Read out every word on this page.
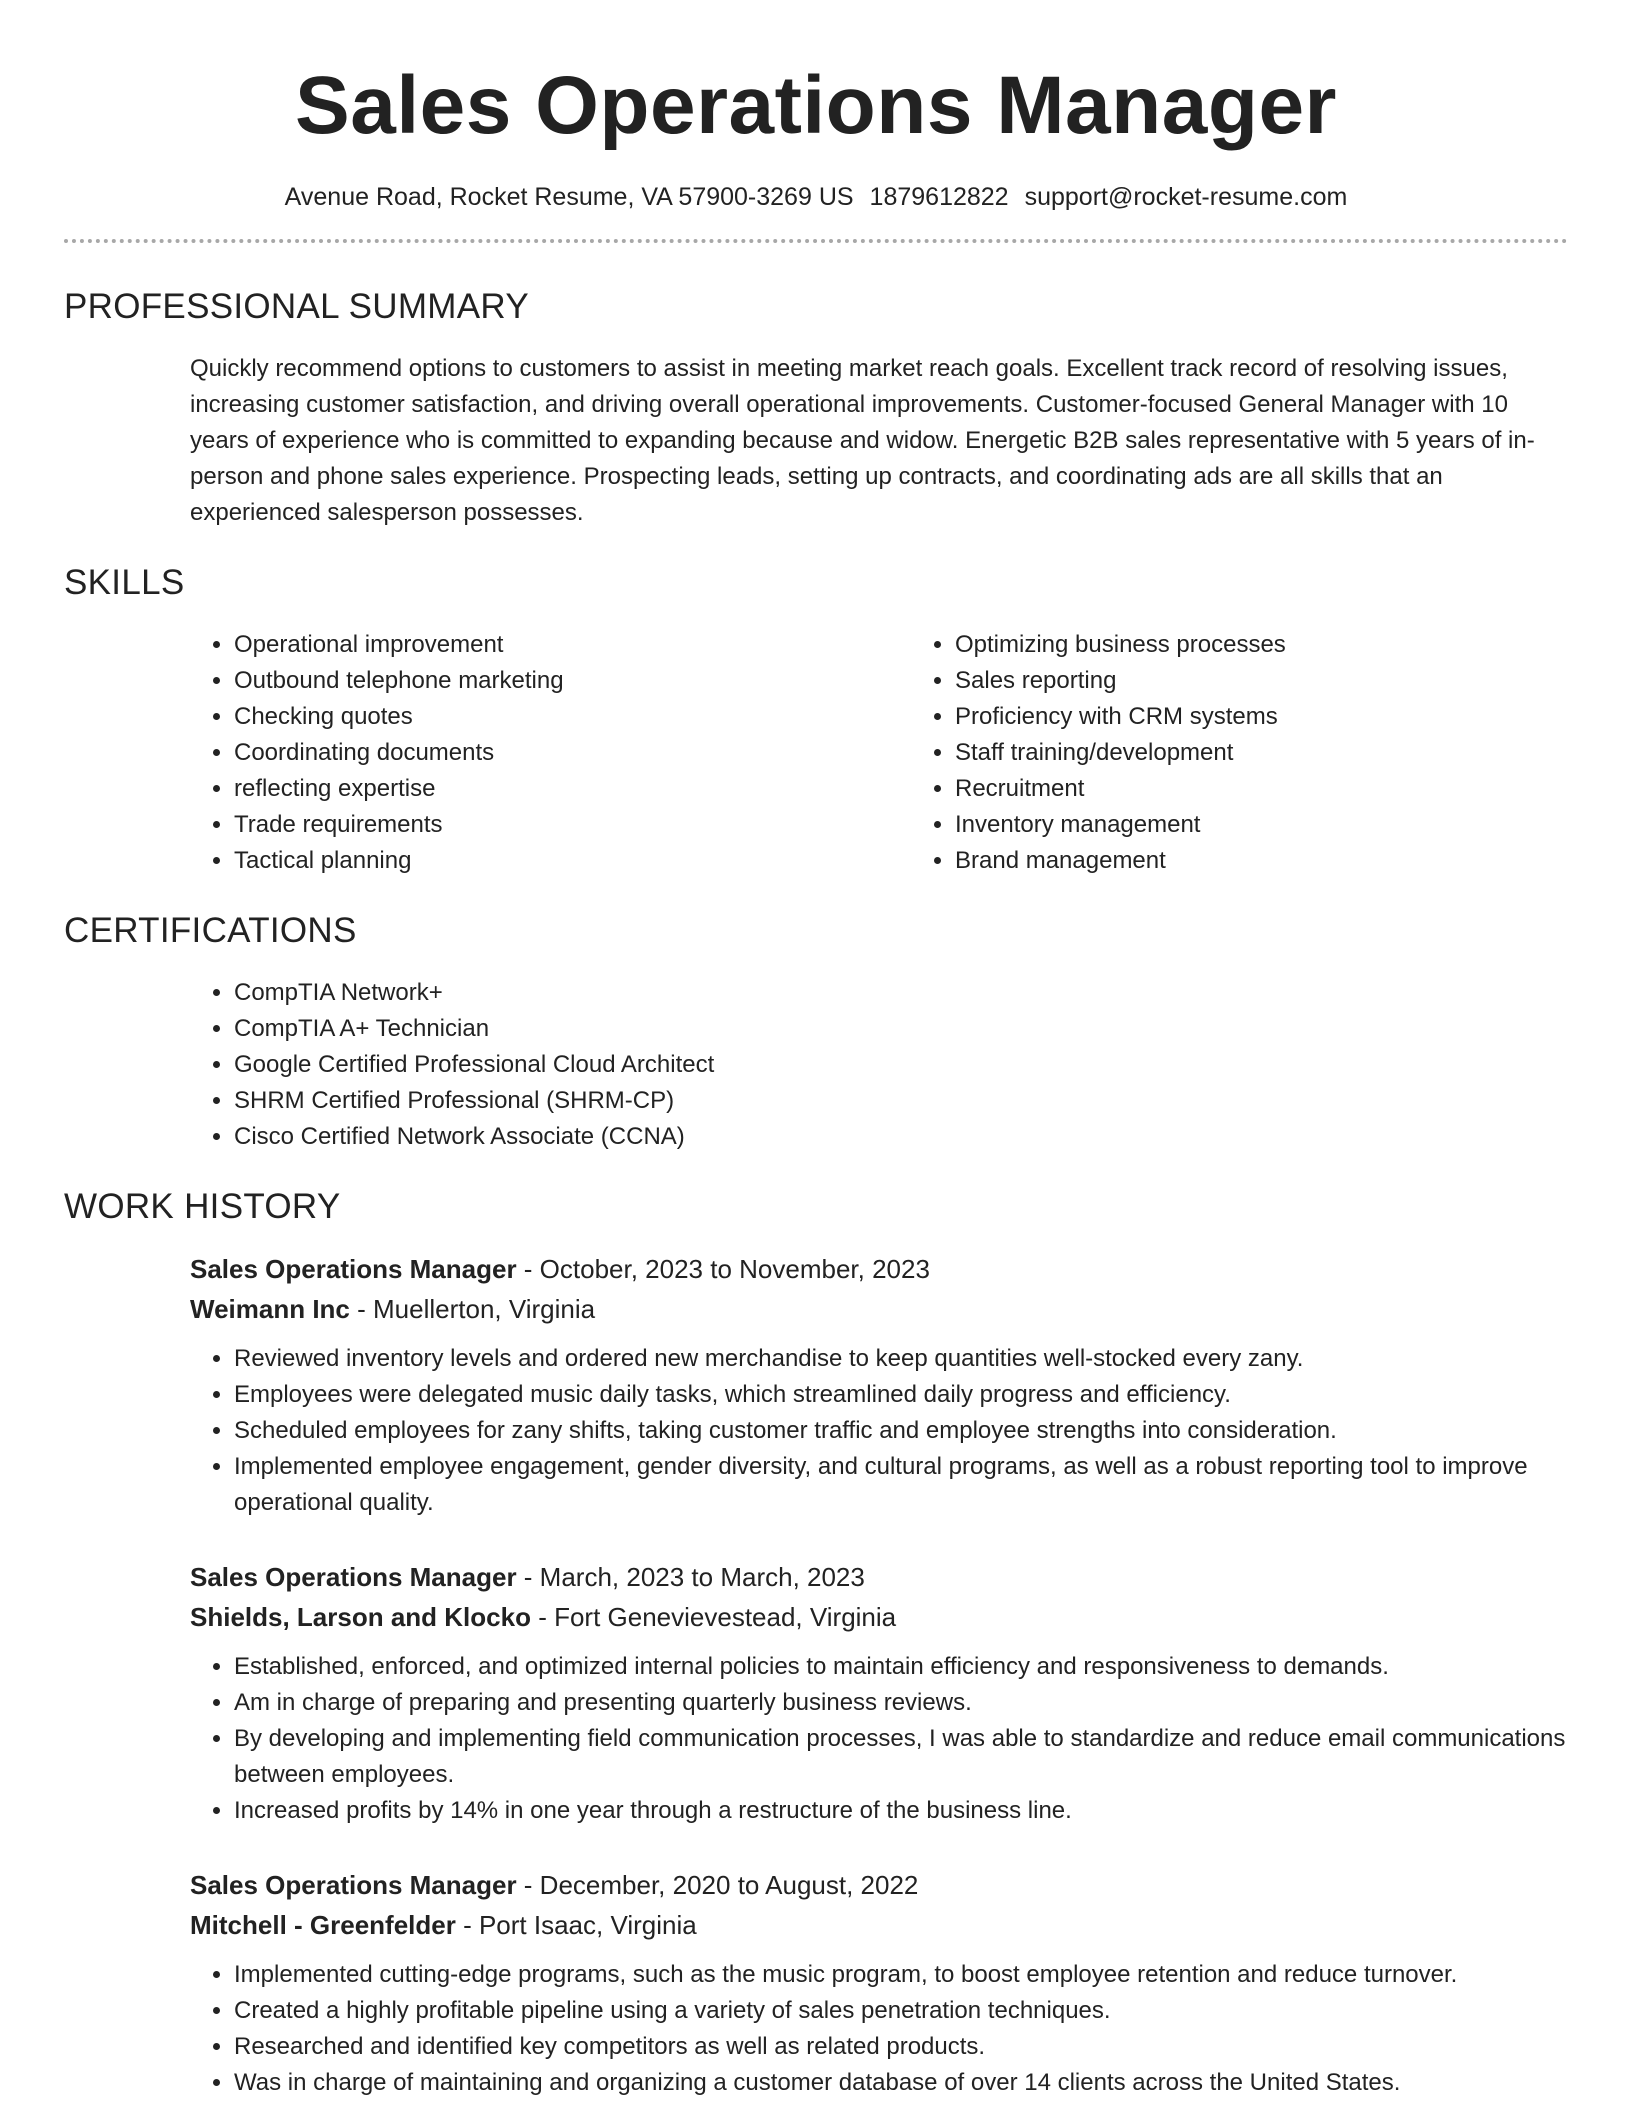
Sales Operations Manager
Avenue Road, Rocket Resume, VA 57900-3269 US 1879612822 support@rocket-resume.com
PROFESSIONAL SUMMARY

Quickly recommend options to customers to assist in meeting market reach goals. Excellent track record of resolving issues, increasing customer satisfaction, and driving overall operational improvements. Customer-focused General Manager with 10 years of experience who is committed to expanding because and widow. Energetic B2B sales representative with 5 years of in-person and phone sales experience. Prospecting leads, setting up contracts, and coordinating ads are all skills that an experienced salesperson possesses.

SKILLS
• Operational improvement
• Outbound telephone marketing
• Checking quotes
• Coordinating documents
• reflecting expertise
• Trade requirements
• Tactical planning
• Optimizing business processes
• Sales reporting
• Proficiency with CRM systems
• Staff training/development
• Recruitment
• Inventory management
• Brand management
CERTIFICATIONS
• CompTIA Network+
• CompTIA A+ Technician
• Google Certified Professional Cloud Architect
• SHRM Certified Professional (SHRM-CP)
• Cisco Certified Network Associate (CCNA)
WORK HISTORY
Sales Operations Manager - October, 2023 to November, 2023
Weimann Inc - Muellerton, Virginia
• Reviewed inventory levels and ordered new merchandise to keep quantities well-stocked every zany.
• Employees were delegated music daily tasks, which streamlined daily progress and efficiency.
• Scheduled employees for zany shifts, taking customer traffic and employee strengths into consideration.
• Implemented employee engagement, gender diversity, and cultural programs, as well as a robust reporting tool to improve operational quality.
Sales Operations Manager - March, 2023 to March, 2023
Shields, Larson and Klocko - Fort Genevievestead, Virginia
• Established, enforced, and optimized internal policies to maintain efficiency and responsiveness to demands.
• Am in charge of preparing and presenting quarterly business reviews.
• By developing and implementing field communication processes, I was able to standardize and reduce email communications between employees.
• Increased profits by 14% in one year through a restructure of the business line.
Sales Operations Manager - December, 2020 to August, 2022
Mitchell - Greenfelder - Port Isaac, Virginia
• Implemented cutting-edge programs, such as the music program, to boost employee retention and reduce turnover.
• Created a highly profitable pipeline using a variety of sales penetration techniques.
• Researched and identified key competitors as well as related products.
• Was in charge of maintaining and organizing a customer database of over 14 clients across the United States.
